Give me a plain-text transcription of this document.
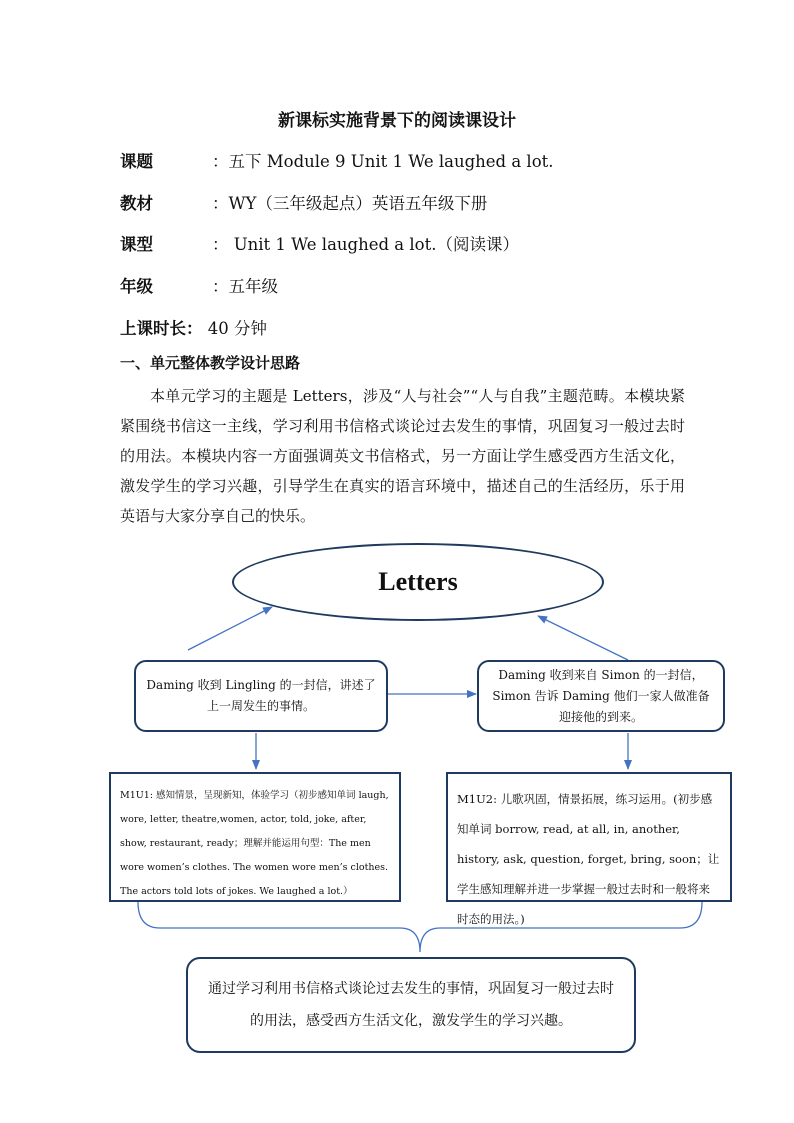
新课标实施背景下的阅读课设计
课题	：五下 Module 9 Unit 1 We laughed a lot.
教材	：WY（三年级起点）英语五年级下册
课型	： Unit 1 We laughed a lot.（阅读课）
年级	：五年级
上课时长： 40 分钟
一、单元整体教学设计思路
本单元学习的主题是 Letters，涉及“人与社会”“人与自我”主题范畴。本模块紧紧围绕书信这一主线，学习利用书信格式谈论过去发生的事情，巩固复习一般过去时的用法。本模块内容一方面强调英文书信格式，另一方面让学生感受西方生活文化，激发学生的学习兴趣，引导学生在真实的语言环境中，描述自己的生活经历，乐于用英语与大家分享自己的快乐。
Letters
Daming 收到 Lingling 的一封信，讲述了上一周发生的事情。
Daming 收到来自 Simon 的一封信，Simon 告诉 Daming 他们一家人做准备迎接他的到来。
M1U1: 感知情景，呈现新知，体验学习（初步感知单词 laugh, wore, letter, theatre,women, actor, told, joke, after, show, restaurant, ready；理解并能运用句型：The men wore women’s clothes. The women wore men’s clothes. The actors told lots of jokes. We laughed a lot.）
M1U2: 儿歌巩固，情景拓展，练习运用。(初步感知单词 borrow, read, at all, in, another, history, ask, question, forget, bring, soon；让学生感知理解并进一步掌握一般过去时和一般将来时态的用法。)
通过学习利用书信格式谈论过去发生的事情，巩固复习一般过去时的用法，感受西方生活文化，激发学生的学习兴趣。
